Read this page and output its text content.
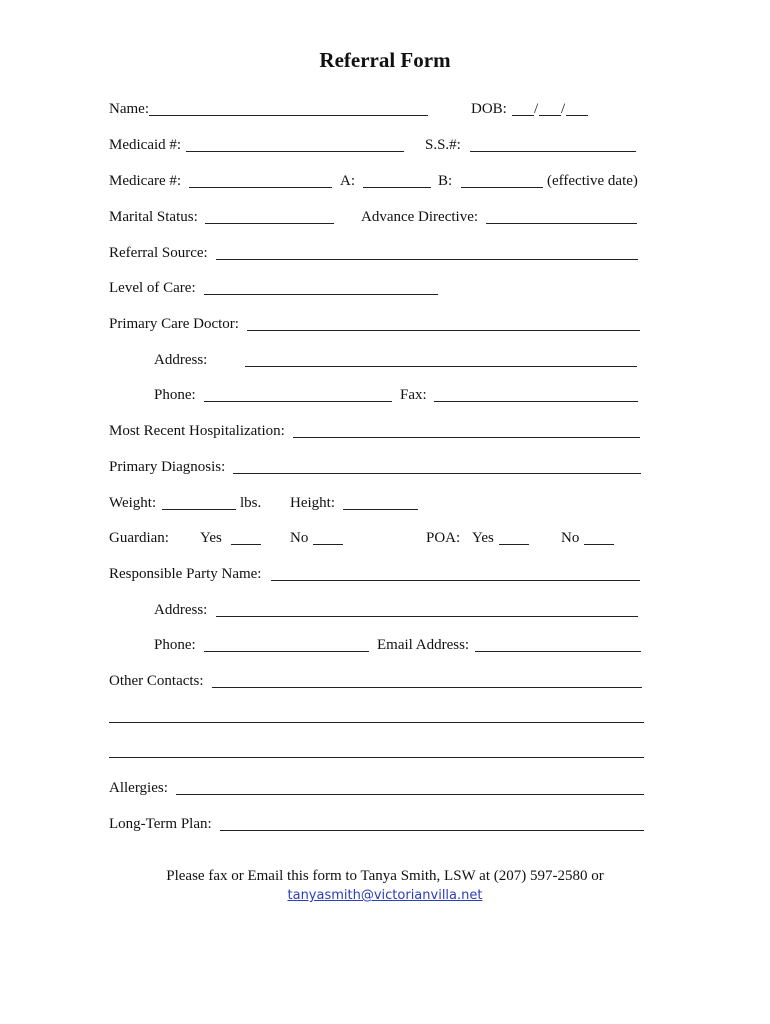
Referral Form
Name:	DOB: / /
Medicaid #:	S.S.#:
Medicare #:	A:	B:	(effective date)
Marital Status:	Advance Directive:
Referral Source:
Level of Care:
Primary Care Doctor:
Address:
Phone:	Fax:
Most Recent Hospitalization:
Primary Diagnosis:
Weight:	lbs. Height:
Guardian: Yes	No	POA: Yes	No
Responsible Party Name:
Address:
Phone:	Email Address:
Other Contacts:
Allergies:
Long-Term Plan:
Please fax or Email this form to Tanya Smith, LSW at (207) 597-2580 or
tanyasmith@victorianvilla.net
